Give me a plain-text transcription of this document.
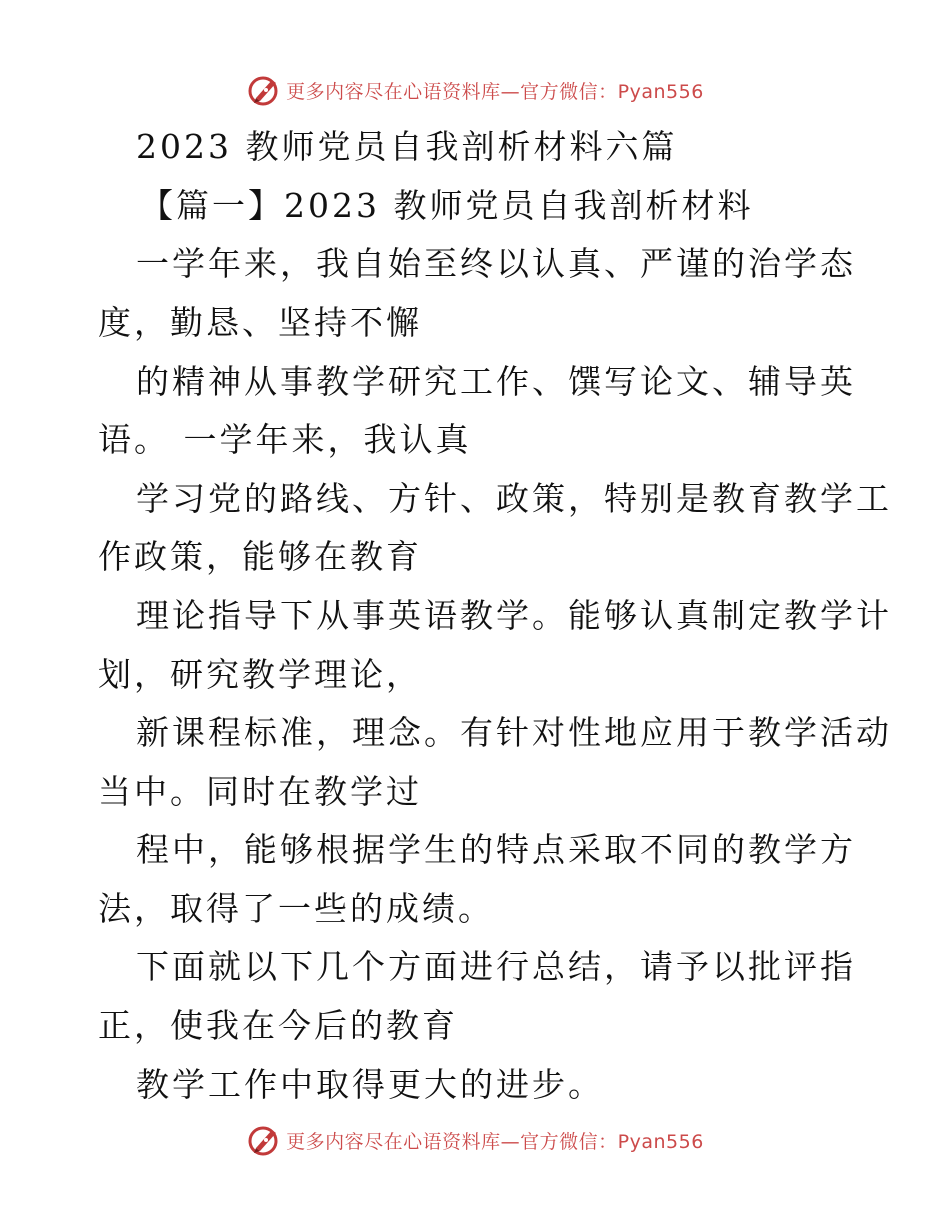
更多内容尽在心语资料库—官方微信：Pyan556
2023 教师党员自我剖析材料六篇
【篇一】2023 教师党员自我剖析材料
一学年来，我自始至终以认真、严谨的治学态
度，勤恳、坚持不懈
的精神从事教学研究工作、馔写论文、辅导英
语。 一学年来，我认真
学习党的路线、方针、政策，特别是教育教学工
作政策，能够在教育
理论指导下从事英语教学。能够认真制定教学计
划，研究教学理论，
新课程标准，理念。有针对性地应用于教学活动
当中。同时在教学过
程中，能够根据学生的特点采取不同的教学方
法，取得了一些的成绩。
下面就以下几个方面进行总结，请予以批评指
正，使我在今后的教育
教学工作中取得更大的进步。
更多内容尽在心语资料库—官方微信：Pyan556
